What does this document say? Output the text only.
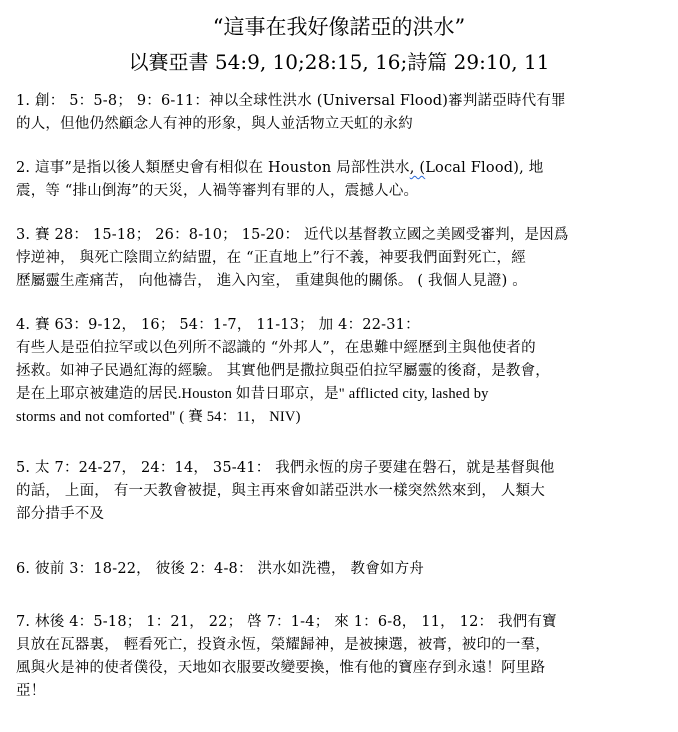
“這事在我好像諾亞的洪水”
以賽亞書 54:9, 10;28:15, 16;詩篇 29:10, 11
1. 創： 5：5-8； 9：6-11：神以全球性洪水 (Universal Flood)審判諾亞時代有罪
的人，但他仍然顧念人有神的形象，與人並活物立天虹的永約
2. 這事”是指以後人類歷史會有相似在 Houston 局部性洪水, (Local Flood), 地
震，等 “排山倒海”的天災，人禍等審判有罪的人，震撼人心。
3. 賽 28： 15-18； 26：8-10； 15-20： 近代以基督教立國之美國受審判，是因爲
悖逆神， 與死亡陰間立約結盟，在 “正直地上”行不義，神要我們面對死亡，經
歷屬靈生產痛苦， 向他禱告， 進入內室， 重建與他的關係。 ( 我個人見證) 。
4. 賽 63：9-12， 16； 54：1-7， 11-13； 加 4：22-31：
有些人是亞伯拉罕或以色列所不認識的 “外邦人”，在患難中經歷到主與他使者的
拯救。如神子民過紅海的經驗。 其實他們是撒拉與亞伯拉罕屬靈的後裔，是教會，
是在上耶京被建造的居民.Houston 如昔日耶京，是" afflicted city, lashed by
storms and not comforted" ( 賽 54：11， NIV)
5. 太 7：24-27， 24：14， 35-41： 我們永恆的房子要建在磐石，就是基督與他
的話， 上面， 有一天教會被提，與主再來會如諾亞洪水一樣突然然來到， 人類大
部分措手不及
6. 彼前 3：18-22， 彼後 2：4-8： 洪水如洗禮， 教會如方舟
7. 林後 4：5-18； 1：21， 22； 啓 7：1-4； 來 1：6-8， 11， 12： 我們有寶
貝放在瓦器裏， 輕看死亡，投資永恆，榮耀歸神，是被揀選，被膏，被印的一羣，
風與火是神的使者僕役，天地如衣服要改變要換，惟有他的寶座存到永遠！阿里路
亞！
